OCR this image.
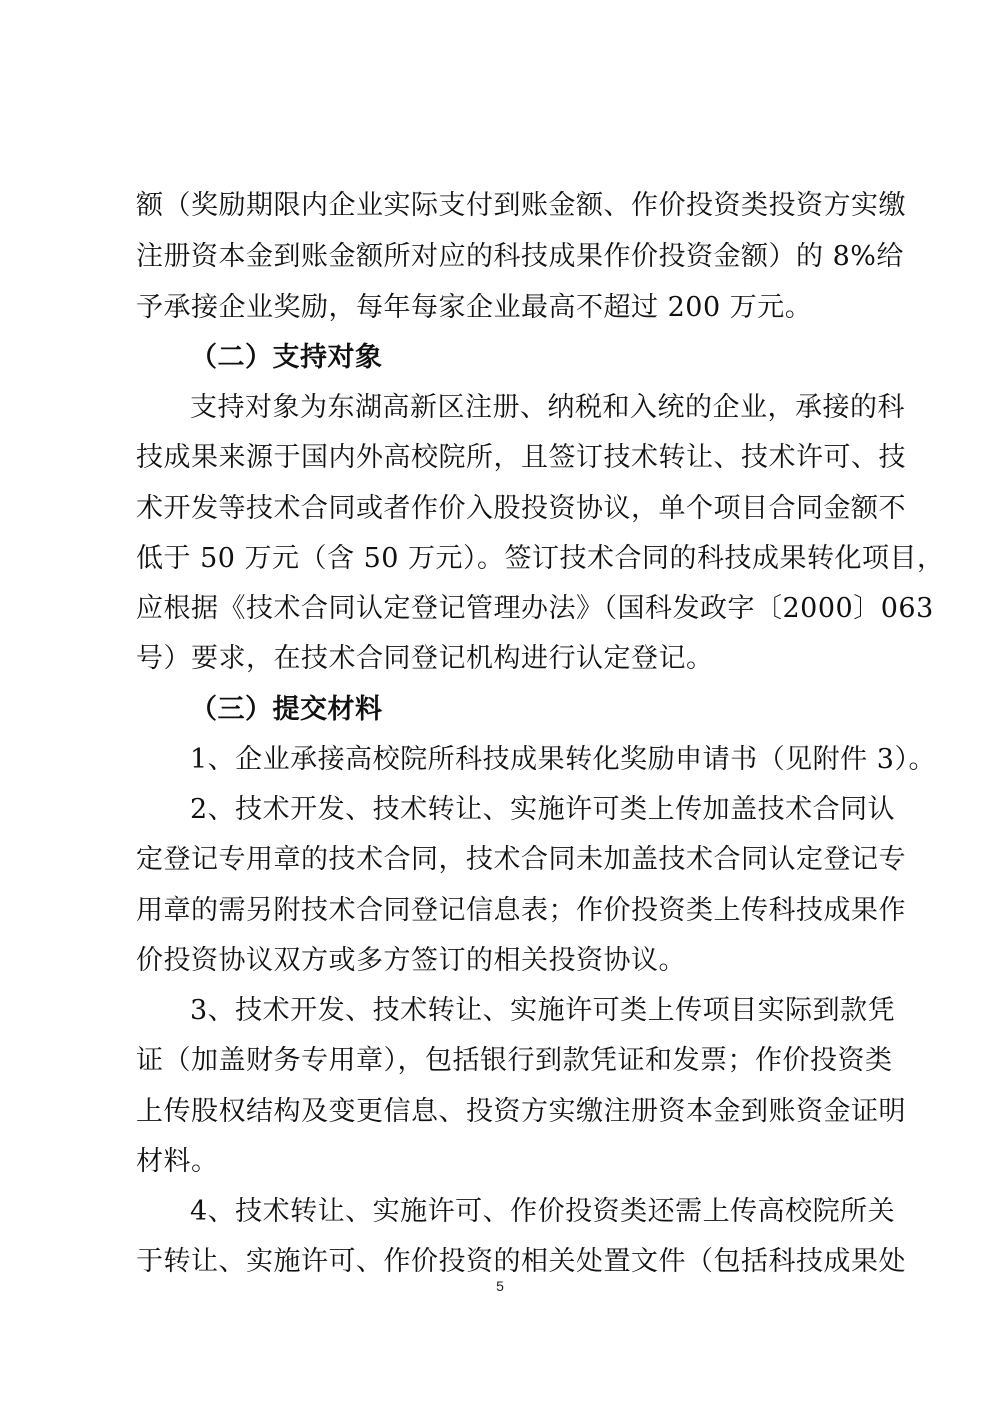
额（奖励期限内企业实际支付到账金额、作价投资类投资方实缴
注册资本金到账金额所对应的科技成果作价投资金额）的 8%给
予承接企业奖励，每年每家企业最高不超过 200 万元。
（二）支持对象
支持对象为东湖高新区注册、纳税和入统的企业，承接的科
技成果来源于国内外高校院所，且签订技术转让、技术许可、技
术开发等技术合同或者作价入股投资协议，单个项目合同金额不
低于 50 万元（含 50 万元）。签订技术合同的科技成果转化项目，
应根据《技术合同认定登记管理办法》（国科发政字〔2000〕063
号）要求，在技术合同登记机构进行认定登记。
（三）提交材料
1、企业承接高校院所科技成果转化奖励申请书（见附件 3）。
2、技术开发、技术转让、实施许可类上传加盖技术合同认
定登记专用章的技术合同，技术合同未加盖技术合同认定登记专
用章的需另附技术合同登记信息表；作价投资类上传科技成果作
价投资协议双方或多方签订的相关投资协议。
3、技术开发、技术转让、实施许可类上传项目实际到款凭
证（加盖财务专用章），包括银行到款凭证和发票；作价投资类
上传股权结构及变更信息、投资方实缴注册资本金到账资金证明
材料。
4、技术转让、实施许可、作价投资类还需上传高校院所关
于转让、实施许可、作价投资的相关处置文件（包括科技成果处
5
